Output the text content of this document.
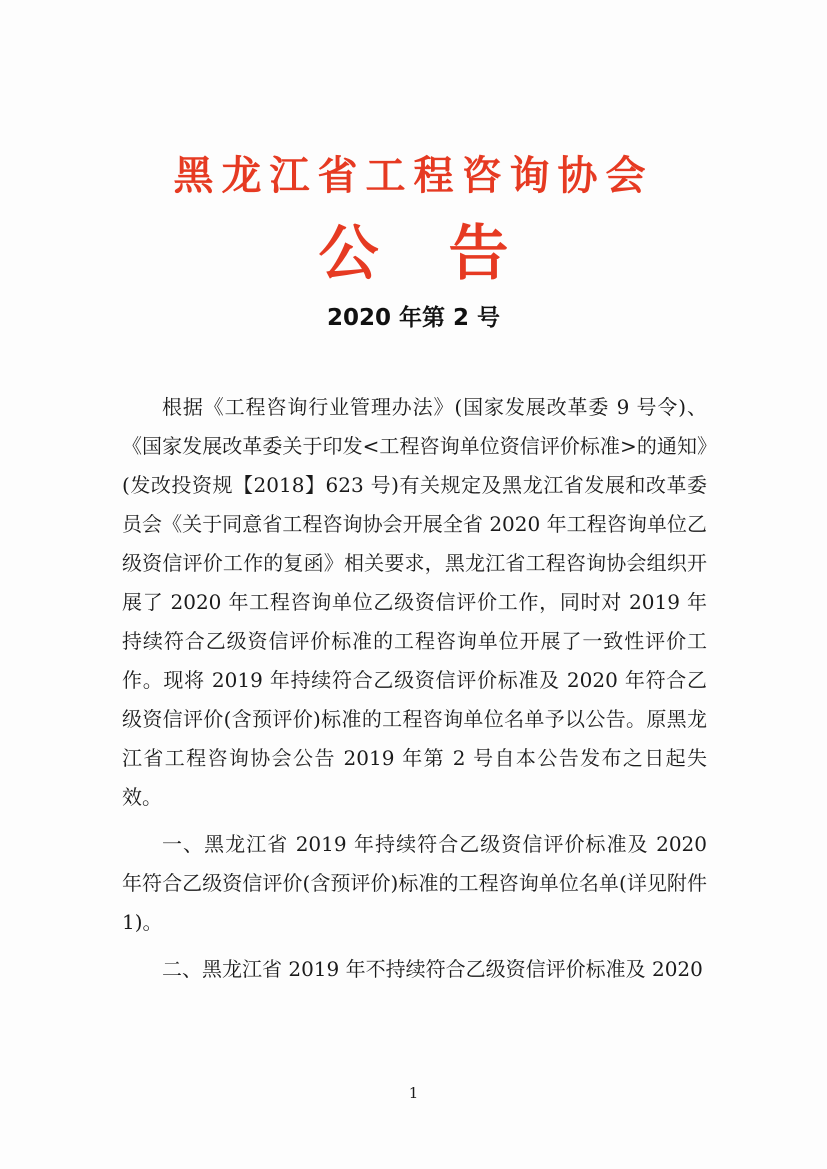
黑龙江省工程咨询协会
公告
2020 年第 2 号

根据《工程咨询行业管理办法》(国家发展改革委 9 号令)、《国家发展改革委关于印发<工程咨询单位资信评价标准>的通知》(发改投资规【2018】623 号)有关规定及黑龙江省发展和改革委员会《关于同意省工程咨询协会开展全省 2020 年工程咨询单位乙级资信评价工作的复函》相关要求，黑龙江省工程咨询协会组织开展了 2020 年工程咨询单位乙级资信评价工作，同时对 2019 年持续符合乙级资信评价标准的工程咨询单位开展了一致性评价工作。现将 2019 年持续符合乙级资信评价标准及 2020 年符合乙级资信评价(含预评价)标准的工程咨询单位名单予以公告。原黑龙江省工程咨询协会公告 2019 年第 2 号自本公告发布之日起失效。

一、黑龙江省 2019 年持续符合乙级资信评价标准及 2020 年符合乙级资信评价(含预评价)标准的工程咨询单位名单(详见附件 1)。

二、黑龙江省 2019 年不持续符合乙级资信评价标准及 2020

1
